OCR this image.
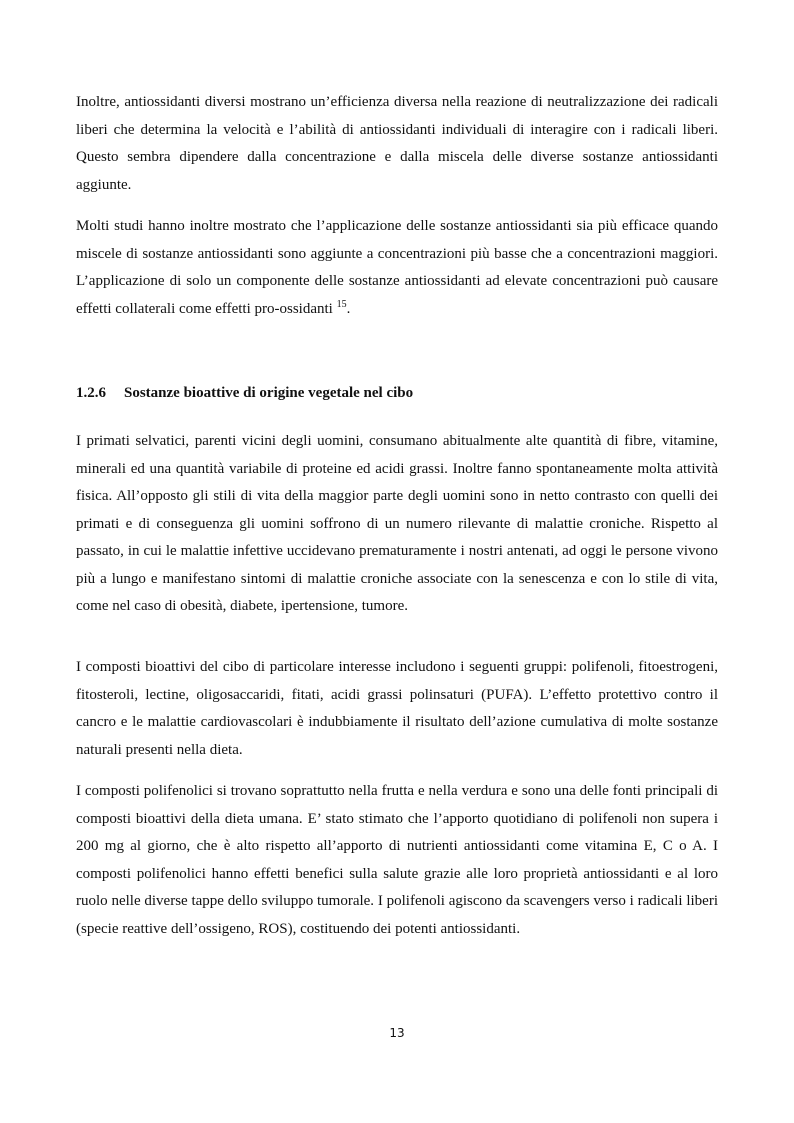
Inoltre, antiossidanti diversi mostrano un’efficienza diversa nella reazione di neutralizzazione dei radicali liberi che determina la velocità e l’abilità di antiossidanti individuali di interagire con i radicali liberi. Questo sembra dipendere dalla concentrazione e dalla miscela delle diverse sostanze antiossidanti aggiunte.

Molti studi hanno inoltre mostrato che l’applicazione delle sostanze antiossidanti sia più efficace quando miscele di sostanze antiossidanti sono aggiunte a concentrazioni più basse che a concentrazioni maggiori. L’applicazione di solo un componente delle sostanze antiossidanti ad elevate concentrazioni può causare effetti collaterali come effetti pro-ossidanti $^{15}$.

1.2.6 Sostanze bioattive di origine vegetale nel cibo

I primati selvatici, parenti vicini degli uomini, consumano abitualmente alte quantità di fibre, vitamine, minerali ed una quantità variabile di proteine ed acidi grassi. Inoltre fanno spontaneamente molta attività fisica. All’opposto gli stili di vita della maggior parte degli uomini sono in netto contrasto con quelli dei primati e di conseguenza gli uomini soffrono di un numero rilevante di malattie croniche. Rispetto al passato, in cui le malattie infettive uccidevano prematuramente i nostri antenati, ad oggi le persone vivono più a lungo e manifestano sintomi di malattie croniche associate con la senescenza e con lo stile di vita, come nel caso di obesità, diabete, ipertensione, tumore.

I composti bioattivi del cibo di particolare interesse includono i seguenti gruppi: polifenoli, fitoestrogeni, fitosteroli, lectine, oligosaccaridi, fitati, acidi grassi polinsaturi (PUFA). L’effetto protettivo contro il cancro e le malattie cardiovascolari è indubbiamente il risultato dell’azione cumulativa di molte sostanze naturali presenti nella dieta.

I composti polifenolici si trovano soprattutto nella frutta e nella verdura e sono una delle fonti principali di composti bioattivi della dieta umana. E’ stato stimato che l’apporto quotidiano di polifenoli non supera i 200 mg al giorno, che è alto rispetto all’apporto di nutrienti antiossidanti come vitamina E, C o A. I composti polifenolici hanno effetti benefici sulla salute grazie alle loro proprietà antiossidanti e al loro ruolo nelle diverse tappe dello sviluppo tumorale. I polifenoli agiscono da scavengers verso i radicali liberi (specie reattive dell’ossigeno, ROS), costituendo dei potenti antiossidanti.

13
